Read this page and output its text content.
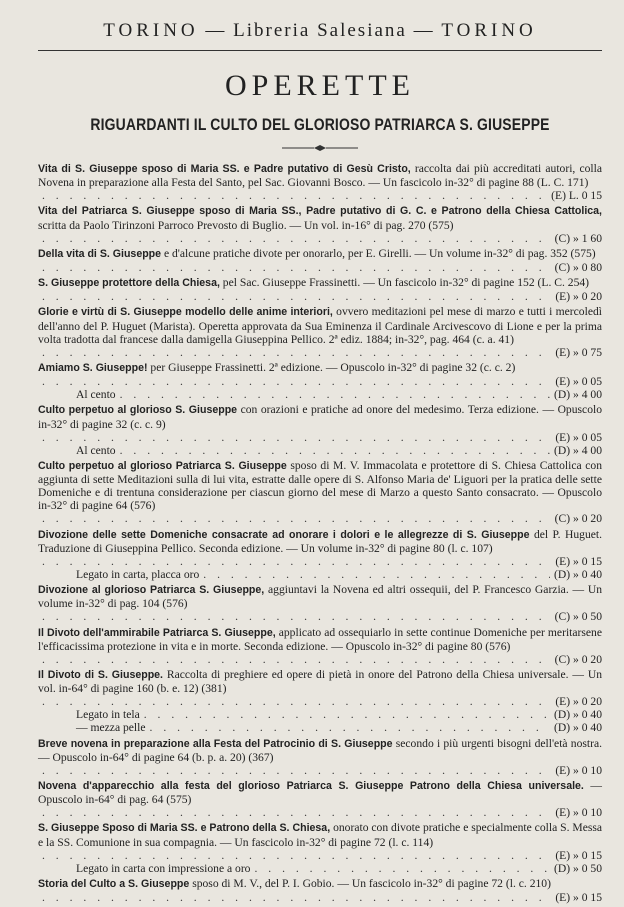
TORINO — Libreria Salesiana — TORINO
OPERETTE
RIGUARDANTI IL CULTO DEL GLORIOSO PATRIARCA S. GIUSEPPE
Vita di S. Giuseppe sposo di Maria SS. e Padre putativo di Gesù Cristo, raccolta dai più accreditati autori, colla Novena in preparazione alla Festa del Santo, pel Sac. Giovanni Bosco. — Un fascicolo in-32° di pagine 88 (L. C. 171)
. . .
(E) L. 0 15
Vita del Patriarca S. Giuseppe sposo di Maria SS., Padre putativo di G. C. e Patrono della Chiesa Cattolica, scritta da Paolo Tirinzoni Parroco Prevosto di Buglio. — Un vol. in-16° di pag. 270 (575)
. . .
(C) » 1 60
Della vita di S. Giuseppe e d'alcune pratiche divote per onorarlo, per E. Girelli. — Un volume in-32° di pag. 352 (575)
. . .
(C) » 0 80
S. Giuseppe protettore della Chiesa, pel Sac. Giuseppe Frassinetti. — Un fascicolo in-32° di pagine 152 (L. C. 254)
. . .
(E) » 0 20
Glorie e virtù di S. Giuseppe modello delle anime interiori, ovvero meditazioni pel mese di marzo e tutti i mercoledì dell'anno del P. Huguet (Marista). Operetta approvata da Sua Eminenza il Cardinale Arcivescovo di Lione e per la prima volta tradotta dal francese dalla damigella Giuseppina Pellico. 2ª ediz. 1884; in-32°, pag. 464 (c. a. 41)
. . .
(E) » 0 75
Amiamo S. Giuseppe! per Giuseppe Frassinetti. 2ª edizione. — Opuscolo in-32° di pagine 32 (c. c. 2)
. . .
(E) » 0 05
Al cento . . .	(D) » 4 00
Culto perpetuo al glorioso S. Giuseppe con orazioni e pratiche ad onore del medesimo. Terza edizione. — Opuscolo in-32° di pagine 32 (c. c. 9)
. . .
(E) » 0 05
Al cento . . .	(D) » 4 00
Culto perpetuo al glorioso Patriarca S. Giuseppe sposo di M. V. Immacolata e protettore di S. Chiesa Cattolica con aggiunta di sette Meditazioni sulla di lui vita, estratte dalle opere di S. Alfonso Maria de' Liguori per la pratica delle sette Domeniche e di trentuna considerazione per ciascun giorno del mese di Marzo a questo Santo consacrato. — Opuscolo in-32° di pagine 64 (576)
. . .
(C) » 0 20
Divozione delle sette Domeniche consacrate ad onorare i dolori e le allegrezze di S. Giuseppe del P. Huguet. Traduzione di Giuseppina Pellico. Seconda edizione. — Un volume in-32° di pagine 80 (l. c. 107)
. . .
(E) » 0 15
Legato in carta, placca oro . . .	(D) » 0 40
Divozione al glorioso Patriarca S. Giuseppe, aggiuntavi la Novena ed altri ossequii, del P. Francesco Garzia. — Un volume in-32° di pag. 104 (576)
. . .
(C) » 0 50
Il Divoto dell'ammirabile Patriarca S. Giuseppe, applicato ad ossequiarlo in sette continue Domeniche per meritarsene l'efficacissima protezione in vita e in morte. Seconda edizione. — Opuscolo in-32° di pagine 80 (576)
. . .
(C) » 0 20
Il Divoto di S. Giuseppe. Raccolta di preghiere ed opere di pietà in onore del Patrono della Chiesa universale. — Un vol. in-64° di pagine 160 (b. e. 12) (381)
. . .
(E) » 0 20
Legato in tela . . .	(D) » 0 40
— mezza pelle . . .	(D) » 0 40
Breve novena in preparazione alla Festa del Patrocinio di S. Giuseppe secondo i più urgenti bisogni dell'età nostra. — Opuscolo in-64° di pagine 64 (b. p. a. 20) (367)
. . .
(E) » 0 10
Novena d'apparecchio alla festa del glorioso Patriarca S. Giuseppe Patrono della Chiesa universale. — Opuscolo in-64° di pag. 64 (575)
. . .
(E) » 0 10
S. Giuseppe Sposo di Maria SS. e Patrono della S. Chiesa, onorato con divote pratiche e specialmente colla S. Messa e la SS. Comunione in sua compagnia. — Un fascicolo in-32° di pagine 72 (l. c. 114)
. . .
(E) » 0 15
Legato in carta con impressione a oro . . .	(D) » 0 50
Storia del Culto a S. Giuseppe sposo di M. V., del P. I. Gobio. — Un fascicolo in-32° di pagine 72 (l. c. 210)
. . .
(E) » 0 15
